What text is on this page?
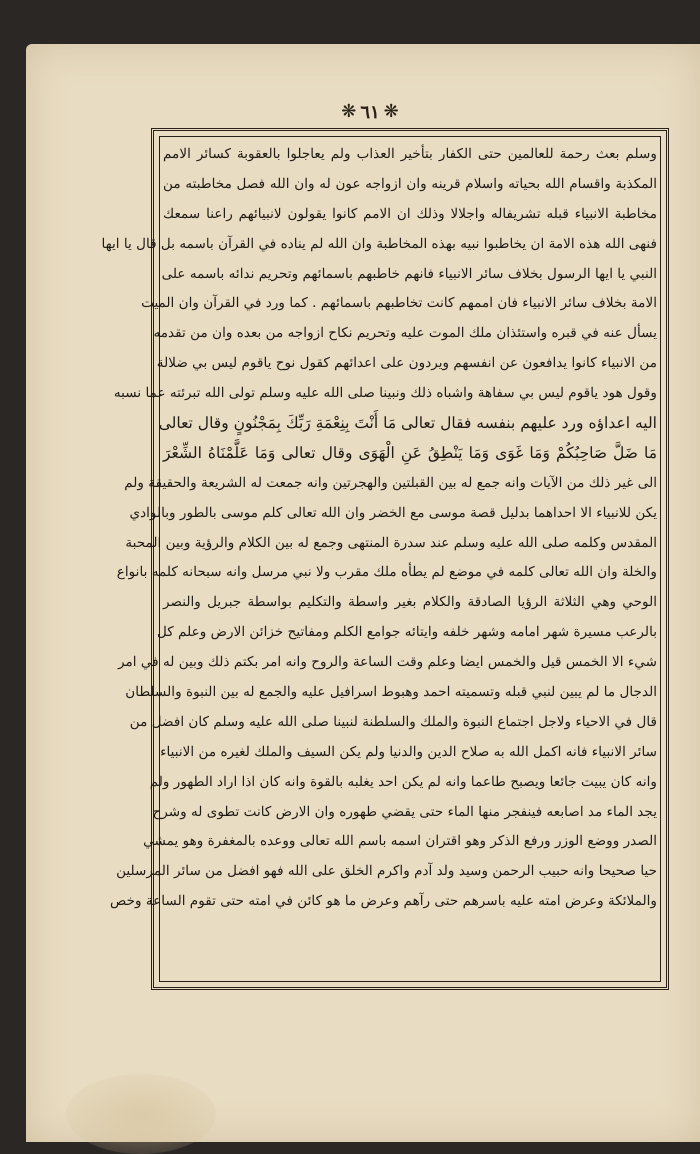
❋ ٦١ ❋
وسلم بعث رحمة للعالمين حتى الكفار بتأخير العذاب ولم يعاجلوا بالعقوبة كسائر الامم
المكذبة واقسام الله بحياته واسلام قرينه وان ازواجه عون له وان الله فصل مخاطبته من
مخاطبة الانبياء قبله تشريفاله واجلالا وذلك ان الامم كانوا يقولون لانبيائهم راعنا سمعك
فنهى الله هذه الامة ان يخاطبوا نبيه بهذه المخاطبة وان الله لم يناده في القرآن باسمه بل قال يا ايها
النبي يا ايها الرسول بخلاف سائر الانبياء فانهم خاطبهم باسمائهم وتحريم ندائه باسمه على
الامة بخلاف سائر الانبياء فان اممهم كانت تخاطبهم باسمائهم . كما ورد في القرآن وان الميت
يسأل عنه في قبره واستئذان ملك الموت عليه وتحريم نكاح ازواجه من بعده وان من تقدمه
من الانبياء كانوا يدافعون عن انفسهم ويردون على اعدائهم كقول نوح ياقوم ليس بي ضلالة
وقول هود ياقوم ليس بي سفاهة واشباه ذلك ونبينا صلى الله عليه وسلم تولى الله تبرئته عما نسبه
اليه اعداؤه ورد عليهم بنفسه فقال تعالى مَا أَنْتَ بِنِعْمَةِ رَبِّكَ بِمَجْنُونٍ وقال تعالى
مَا ضَلَّ صَاحِبُكُمْ وَمَا غَوَى وَمَا يَنْطِقُ عَنِ الْهَوَى وقال تعالى وَمَا عَلَّمْنَاهُ الشِّعْرَ
الى غير ذلك من الآيات وانه جمع له بين القبلتين والهجرتين وانه جمعت له الشريعة والحقيقة ولم
يكن للانبياء الا احداهما بدليل قصة موسى مع الخضر وان الله تعالى كلم موسى بالطور وبالوادي
المقدس وكلمه صلى الله عليه وسلم عند سدرة المنتهى وجمع له بين الكلام والرؤية وبين المحبة
والخلة وان الله تعالى كلمه في موضع لم يطأه ملك مقرب ولا نبي مرسل وانه سبحانه كلمه بانواع
الوحي وهي الثلاثة الرؤيا الصادقة والكلام بغير واسطة والتكليم بواسطة جبريل والنصر
بالرعب مسيرة شهر امامه وشهر خلفه وايتائه جوامع الكلم ومفاتيح خزائن الارض وعلم كل
شيء الا الخمس قيل والخمس ايضا وعلم وقت الساعة والروح وانه امر بكتم ذلك وبين له في امر
الدجال ما لم يبين لنبي قبله وتسميته احمد وهبوط اسرافيل عليه والجمع له بين النبوة والسلطان
قال في الاحياء ولاجل اجتماع النبوة والملك والسلطنة لنبينا صلى الله عليه وسلم كان افضل من
سائر الانبياء فانه اكمل الله به صلاح الدين والدنيا ولم يكن السيف والملك لغيره من الانبياء
وانه كان يبيت جائعا ويصبح طاعما وانه لم يكن احد يغلبه بالقوة وانه كان اذا اراد الطهور ولم
يجد الماء مد اصابعه فينفجر منها الماء حتى يقضي طهوره وان الارض كانت تطوى له وشرح
الصدر ووضع الوزر ورفع الذكر وهو اقتران اسمه باسم الله تعالى ووعده بالمغفرة وهو يمشي
حيا صحيحا وانه حبيب الرحمن وسيد ولد آدم واكرم الخلق على الله فهو افضل من سائر المرسلين
والملائكة وعرض امته عليه باسرهم حتى رآهم وعرض ما هو كائن في امته حتى تقوم الساعة وخص
